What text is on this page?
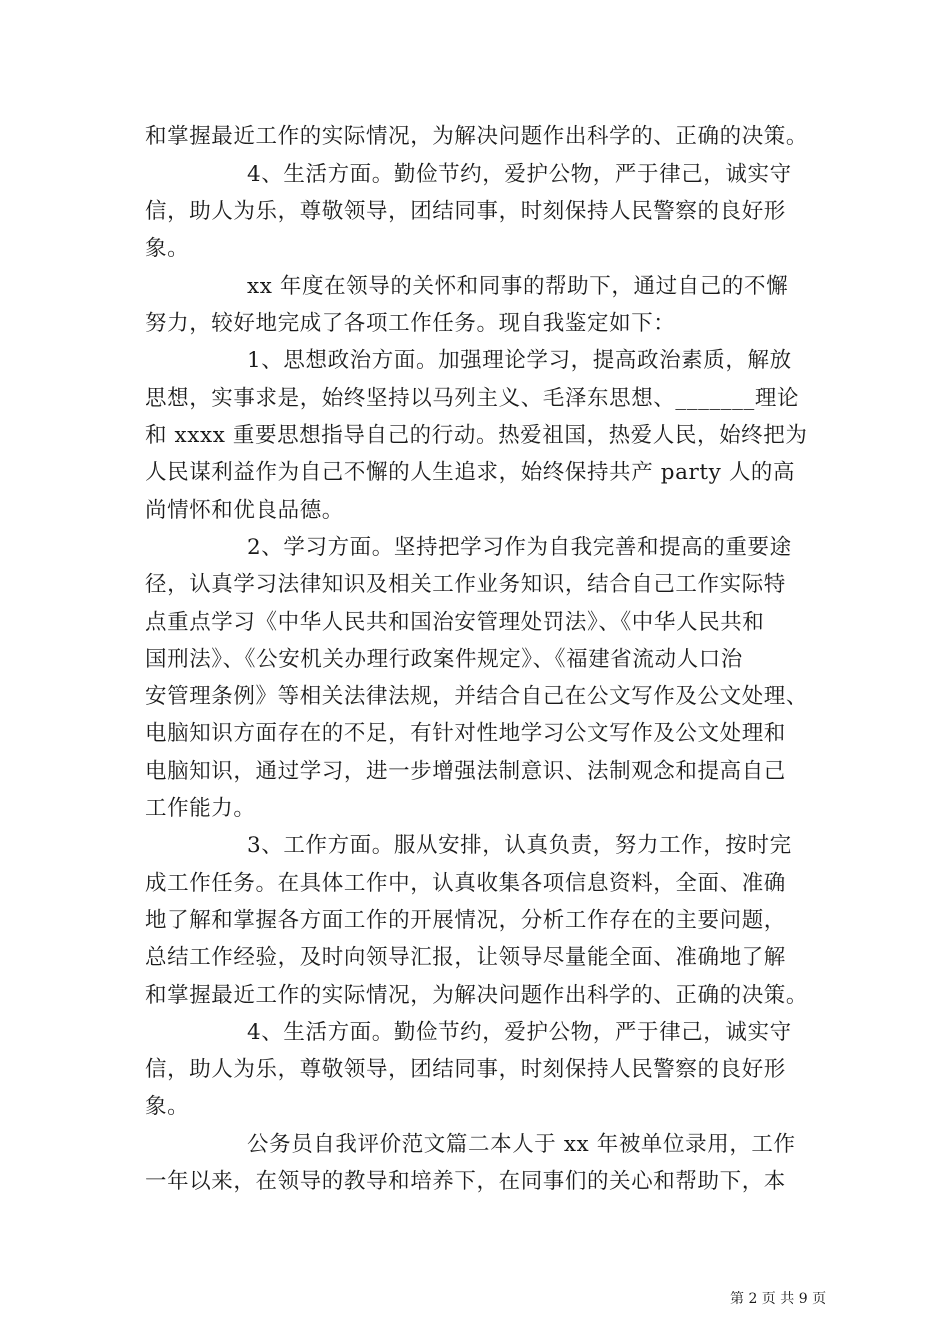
和掌握最近工作的实际情况，为解决问题作出科学的、正确的决策。
4、生活方面。勤俭节约，爱护公物，严于律己，诚实守
信，助人为乐，尊敬领导，团结同事，时刻保持人民警察的良好形
象。
xx 年度在领导的关怀和同事的帮助下，通过自己的不懈
努力，较好地完成了各项工作任务。现自我鉴定如下：
1、思想政治方面。加强理论学习，提高政治素质，解放
思想，实事求是，始终坚持以马列主义、毛泽东思想、_______理论
和 xxxx 重要思想指导自己的行动。热爱祖国，热爱人民，始终把为
人民谋利益作为自己不懈的人生追求，始终保持共产 party 人的高
尚情怀和优良品德。
2、学习方面。坚持把学习作为自我完善和提高的重要途
径，认真学习法律知识及相关工作业务知识，结合自己工作实际特
点重点学习《中华人民共和国治安管理处罚法》、《中华人民共和
国刑法》、《公安机关办理行政案件规定》、《福建省流动人口治
安管理条例》等相关法律法规，并结合自己在公文写作及公文处理、
电脑知识方面存在的不足，有针对性地学习公文写作及公文处理和
电脑知识，通过学习，进一步增强法制意识、法制观念和提高自己
工作能力。
3、工作方面。服从安排，认真负责，努力工作，按时完
成工作任务。在具体工作中，认真收集各项信息资料，全面、准确
地了解和掌握各方面工作的开展情况，分析工作存在的主要问题，
总结工作经验，及时向领导汇报，让领导尽量能全面、准确地了解
和掌握最近工作的实际情况，为解决问题作出科学的、正确的决策。
4、生活方面。勤俭节约，爱护公物，严于律己，诚实守
信，助人为乐，尊敬领导，团结同事，时刻保持人民警察的良好形
象。
公务员自我评价范文篇二本人于 xx 年被单位录用，工作
一年以来，在领导的教导和培养下，在同事们的关心和帮助下，本
第 2 页 共 9 页
